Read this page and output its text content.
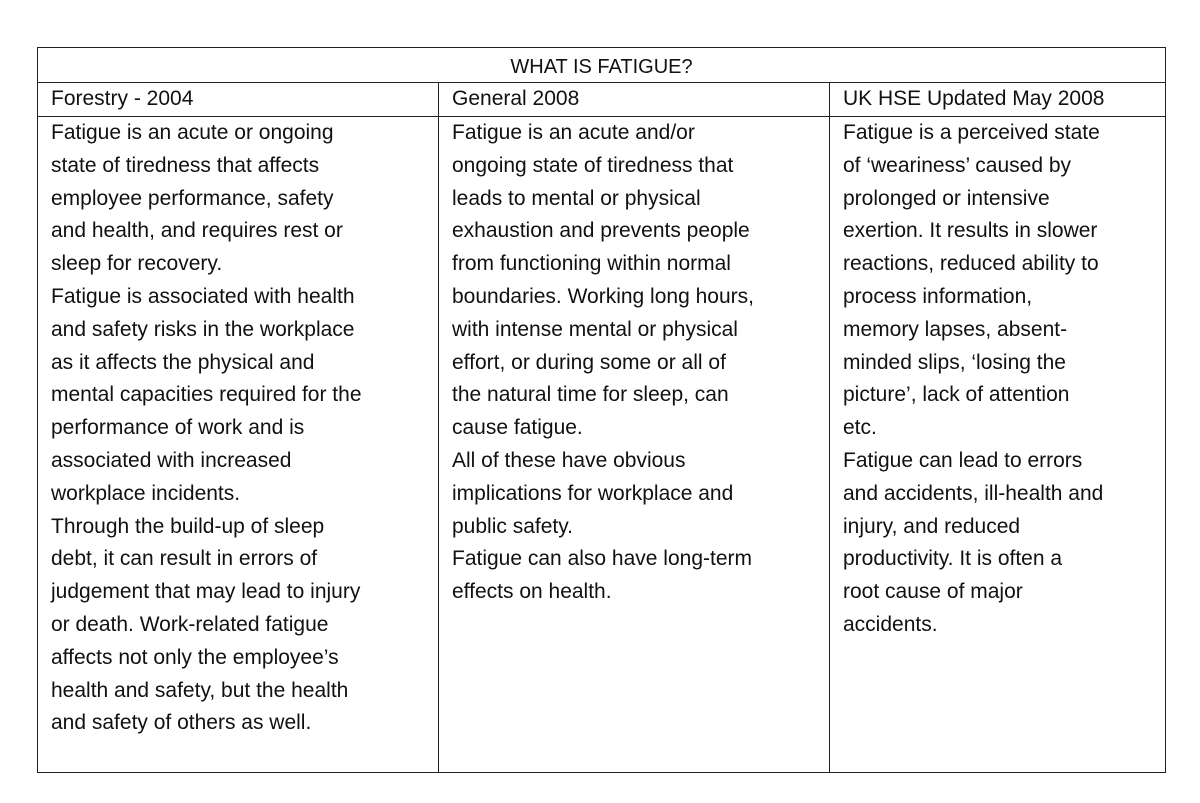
WHAT IS FATIGUE?
Forestry - 2004	General 2008	UK HSE Updated May 2008
Fatigue is an acute or ongoing
state of tiredness that affects
employee performance, safety
and health, and requires rest or
sleep for recovery.
Fatigue is associated with health
and safety risks in the workplace
as it affects the physical and
mental capacities required for the
performance of work and is
associated with increased
workplace incidents.
Through the build-up of sleep
debt, it can result in errors of
judgement that may lead to injury
or death. Work-related fatigue
affects not only the employee’s
health and safety, but the health
and safety of others as well.
Fatigue is an acute and/or
ongoing state of tiredness that
leads to mental or physical
exhaustion and prevents people
from functioning within normal
boundaries. Working long hours,
with intense mental or physical
effort, or during some or all of
the natural time for sleep, can
cause fatigue.
All of these have obvious
implications for workplace and
public safety.
Fatigue can also have long-term
effects on health.
Fatigue is a perceived state
of ‘weariness’ caused by
prolonged or intensive
exertion. It results in slower
reactions, reduced ability to
process information,
memory lapses, absent-
minded slips, ‘losing the
picture’, lack of attention
etc.
Fatigue can lead to errors
and accidents, ill-health and
injury, and reduced
productivity. It is often a
root cause of major
accidents.
